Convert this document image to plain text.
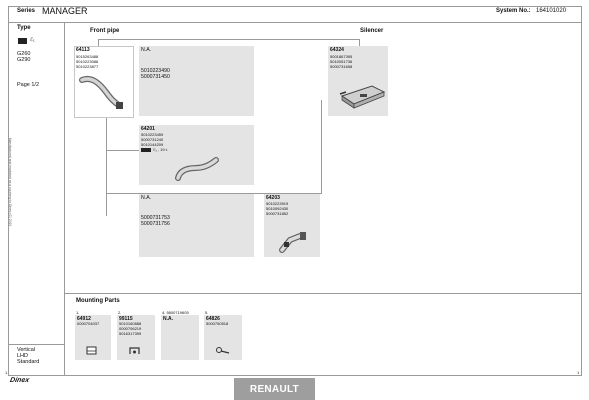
Series MANAGER	System No.: 164101020
Type
ℰ₁
G260
G290
Page 1/2
Manufactured and marketed as a courtesy to Dinex (C) 2010
Vertical
LHD
Standard
Front pipe	Silencer
64113
5015263488
5010223086
5010223877
N.A.
5010223490
5000731450
64324
5001867395
5010051736
5000731658
64201
5010223459
5000731240
5010144209
ℰ₁ , 19 t.
N.A.
5000731753
5000731756
64203
5010223919
5010092430
5000731852
Mounting Parts
1.
64912
0000704037
2.
99115
5010160888
0000706219
5016317399
4. 5800719605
N.A.
5.
64826
5000750518
1	1
Dinex
RENAULT
